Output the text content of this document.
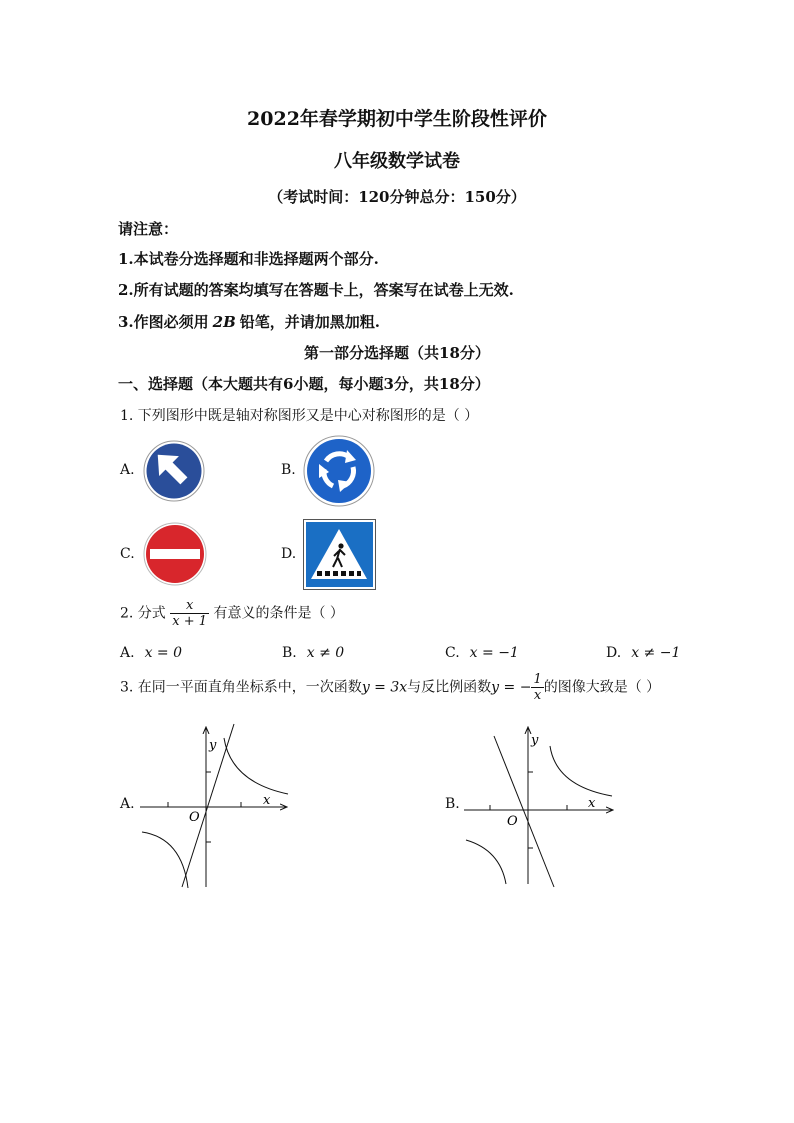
2022年春学期初中学生阶段性评价
八年级数学试卷
（考试时间：120分钟总分：150分）
请注意：
1.本试卷分选择题和非选择题两个部分.
2.所有试题的答案均填写在答题卡上，答案写在试卷上无效.
3.作图必须用 2B 铅笔，并请加黑加粗.
第一部分选择题（共18分）
一、选择题（本大题共有6小题，每小题3分，共18分）
1. 下列图形中既是轴对称图形又是中心对称图形的是（ ）
A.	B.
C.	D.
2. 分式 $\frac{x}{x + 1}$ 有意义的条件是（ ）
A. x = 0	B. x ≠ 0	C. x = −1	D. x ≠ −1
3. 在同一平面直角坐标系中，一次函数y = 3x与反比例函数y = − $\frac{1}{x}$ 的图像大致是（ ）
A.
y
x
O
B.
y
x
O
